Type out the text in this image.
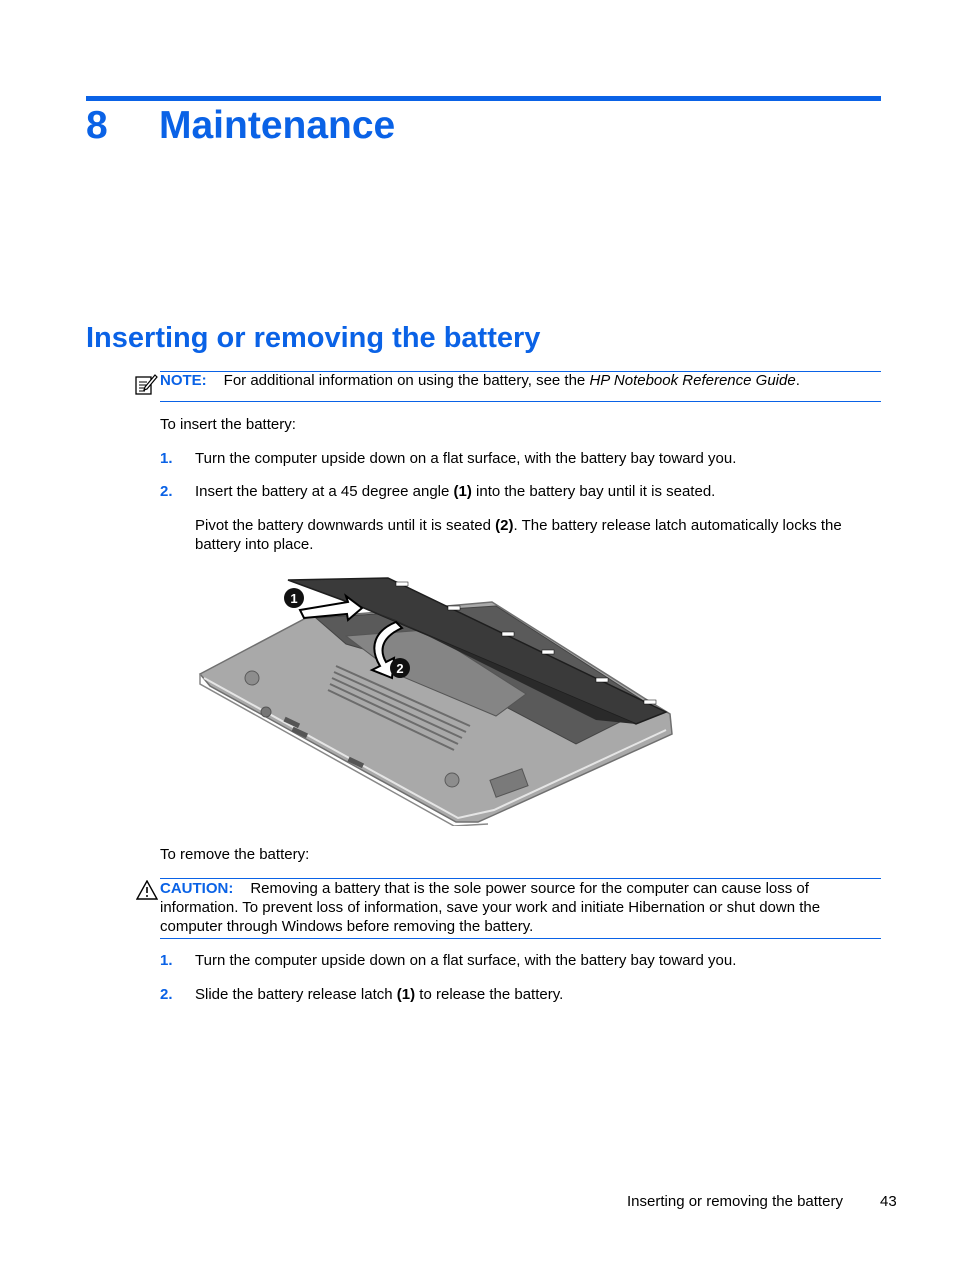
8 Maintenance
Inserting or removing the battery
NOTE: For additional information on using the battery, see the HP Notebook Reference Guide.
To insert the battery:
1. Turn the computer upside down on a flat surface, with the battery bay toward you.
2. Insert the battery at a 45 degree angle (1) into the battery bay until it is seated.
Pivot the battery downwards until it is seated (2). The battery release latch automatically locks the battery into place.
1
2
To remove the battery:
CAUTION: Removing a battery that is the sole power source for the computer can cause loss of information. To prevent loss of information, save your work and initiate Hibernation or shut down the computer through Windows before removing the battery.
1. Turn the computer upside down on a flat surface, with the battery bay toward you.
2. Slide the battery release latch (1) to release the battery.
Inserting or removing the battery 43
